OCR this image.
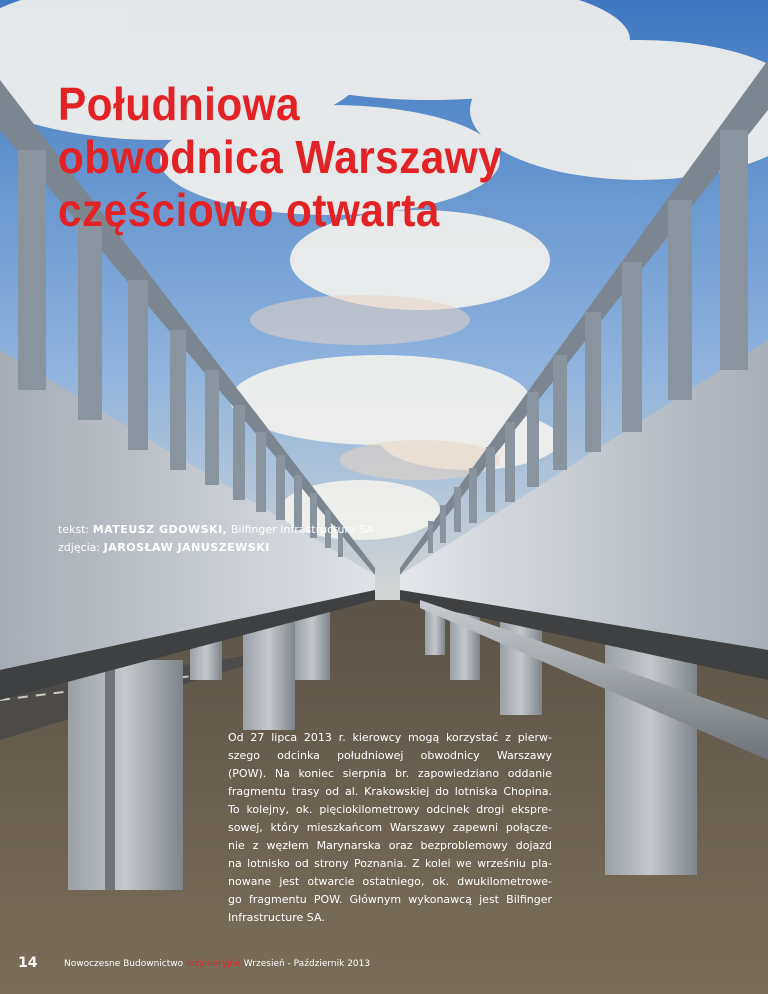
Południowa
obwodnica Warszawy
częściowo otwarta
tekst: MATEUSZ GDOWSKI, Bilfinger Infrastructure SA
zdjęcia: JAROSŁAW JANUSZEWSKI

Od 27 lipca 2013 r. kierowcy mogą korzystać z pierw-
szego odcinka południowej obwodnicy Warszawy
(POW). Na koniec sierpnia br. zapowiedziano oddanie
fragmentu trasy od al. Krakowskiej do lotniska Chopina.
To kolejny, ok. pięciokilometrowy odcinek drogi ekspre-
sowej, który mieszkańcom Warszawy zapewni połącze-
nie z węzłem Marynarska oraz bezproblemowy dojazd
na lotnisko od strony Poznania. Z kolei we wrześniu pla-
nowane jest otwarcie ostatniego, ok. dwukilometrowe-
go fragmentu POW. Głównym wykonawcą jest Bilfinger
Infrastructure SA.

14	Nowoczesne Budownictwo Inżynieryjne Wrzesień - Październik 2013
